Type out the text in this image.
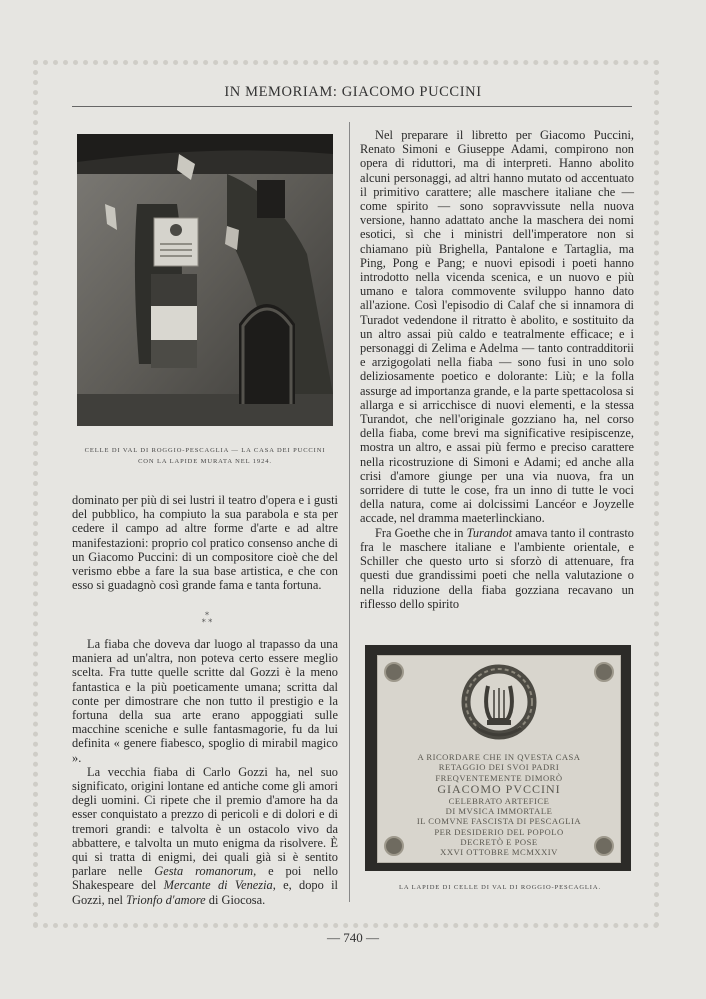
IN MEMORIAM: GIACOMO PUCCINI
CELLE DI VAL DI ROGGIO-PESCAGLIA — LA CASA DEI PUCCINI
CON LA LAPIDE MURATA NEL 1924.

dominato per più di sei lustri il teatro d'opera e i gusti del pubblico, ha compiuto la sua parabola e sta per cedere il campo ad altre forme d'arte e ad altre manifestazioni: proprio col pratico consenso anche di un Giacomo Puccini: di un compositore cioè che del verismo ebbe a fare la sua base artistica, e che con esso si guadagnò così grande fama e tanta fortuna.

*
* *

La fiaba che doveva dar luogo al trapasso da una maniera ad un'altra, non poteva certo essere meglio scelta. Fra tutte quelle scritte dal Gozzi è la meno fantastica e la più poeticamente umana; scritta dal conte per dimostrare che non tutto il prestigio e la fortuna della sua arte erano appoggiati sulle macchine sceniche e sulle fantasmagorie, fu da lui definita « genere fiabesco, spoglio di mirabil magico ».

La vecchia fiaba di Carlo Gozzi ha, nel suo significato, origini lontane ed antiche come gli amori degli uomini. Ci ripete che il premio d'amore ha da esser conquistato a prezzo di pericoli e di dolori e di tremori grandi: e talvolta è un ostacolo vivo da abbattere, e talvolta un muto enigma da risolvere. È qui si tratta di enigmi, dei quali già si è sentito parlare nelle Gesta romanorum, e poi nello Shakespeare del Mercante di Venezia, e, dopo il Gozzi, nel Trionfo d'amore di Giocosa.

Nel preparare il libretto per Giacomo Puccini, Renato Simoni e Giuseppe Adami, compirono non opera di riduttori, ma di interpreti. Hanno abolito alcuni personaggi, ad altri hanno mutato od accentuato il primitivo carattere; alle maschere italiane che — come spirito — sono sopravvissute nella nuova versione, hanno adattato anche la maschera dei nomi esotici, sì che i ministri dell'imperatore non si chiamano più Brighella, Pantalone e Tartaglia, ma Ping, Pong e Pang; e nuovi episodi i poeti hanno introdotto nella vicenda scenica, e un nuovo e più umano e talora commovente sviluppo hanno dato all'azione. Così l'episodio di Calaf che si innamora di Turadot vedendone il ritratto è abolito, e sostituito da un altro assai più caldo e teatralmente efficace; e i personaggi di Zelima e Adelma — tanto contradditorii e arzigogolati nella fiaba — sono fusi in uno solo deliziosamente poetico e dolorante: Liù; e la folla assurge ad importanza grande, e la parte spettacolosa si allarga e si arricchisce di nuovi elementi, e la stessa Turandot, che nell'originale gozziano ha, nel corso della fiaba, come brevi ma significative resipiscenze, mostra un altro, e assai più fermo e preciso carattere nella ricostruzione di Simoni e Adami; ed anche alla crisi d'amore giunge per una via nuova, fra un sorridere di tutte le cose, fra un inno di tutte le voci della natura, come ai dolcissimi Lancéor e Joyzelle accade, nel dramma maeterlinckiano.

Fra Goethe che in Turandot amava tanto il contrasto fra le maschere italiane e l'ambiente orientale, e Schiller che questo urto si sforzò di attenuare, fra questi due grandissimi poeti che nella valutazione o nella riduzione della fiaba gozziana recavano un riflesso dello spirito

A RICORDARE CHE IN QVESTA CASA
RETAGGIO DEI SVOI PADRI
FREQVENTEMENTE DIMORÒ
GIACOMO PVCCINI
CELEBRATO ARTEFICE
DI MVSICA IMMORTALE
IL COMVNE FASCISTA DI PESCAGLIA
PER DESIDERIO DEL POPOLO
DECRETÒ E POSE
XXVI OTTOBRE MCMXXIV
LA LAPIDE DI CELLE DI VAL DI ROGGIO-PESCAGLIA.
— 740 —
